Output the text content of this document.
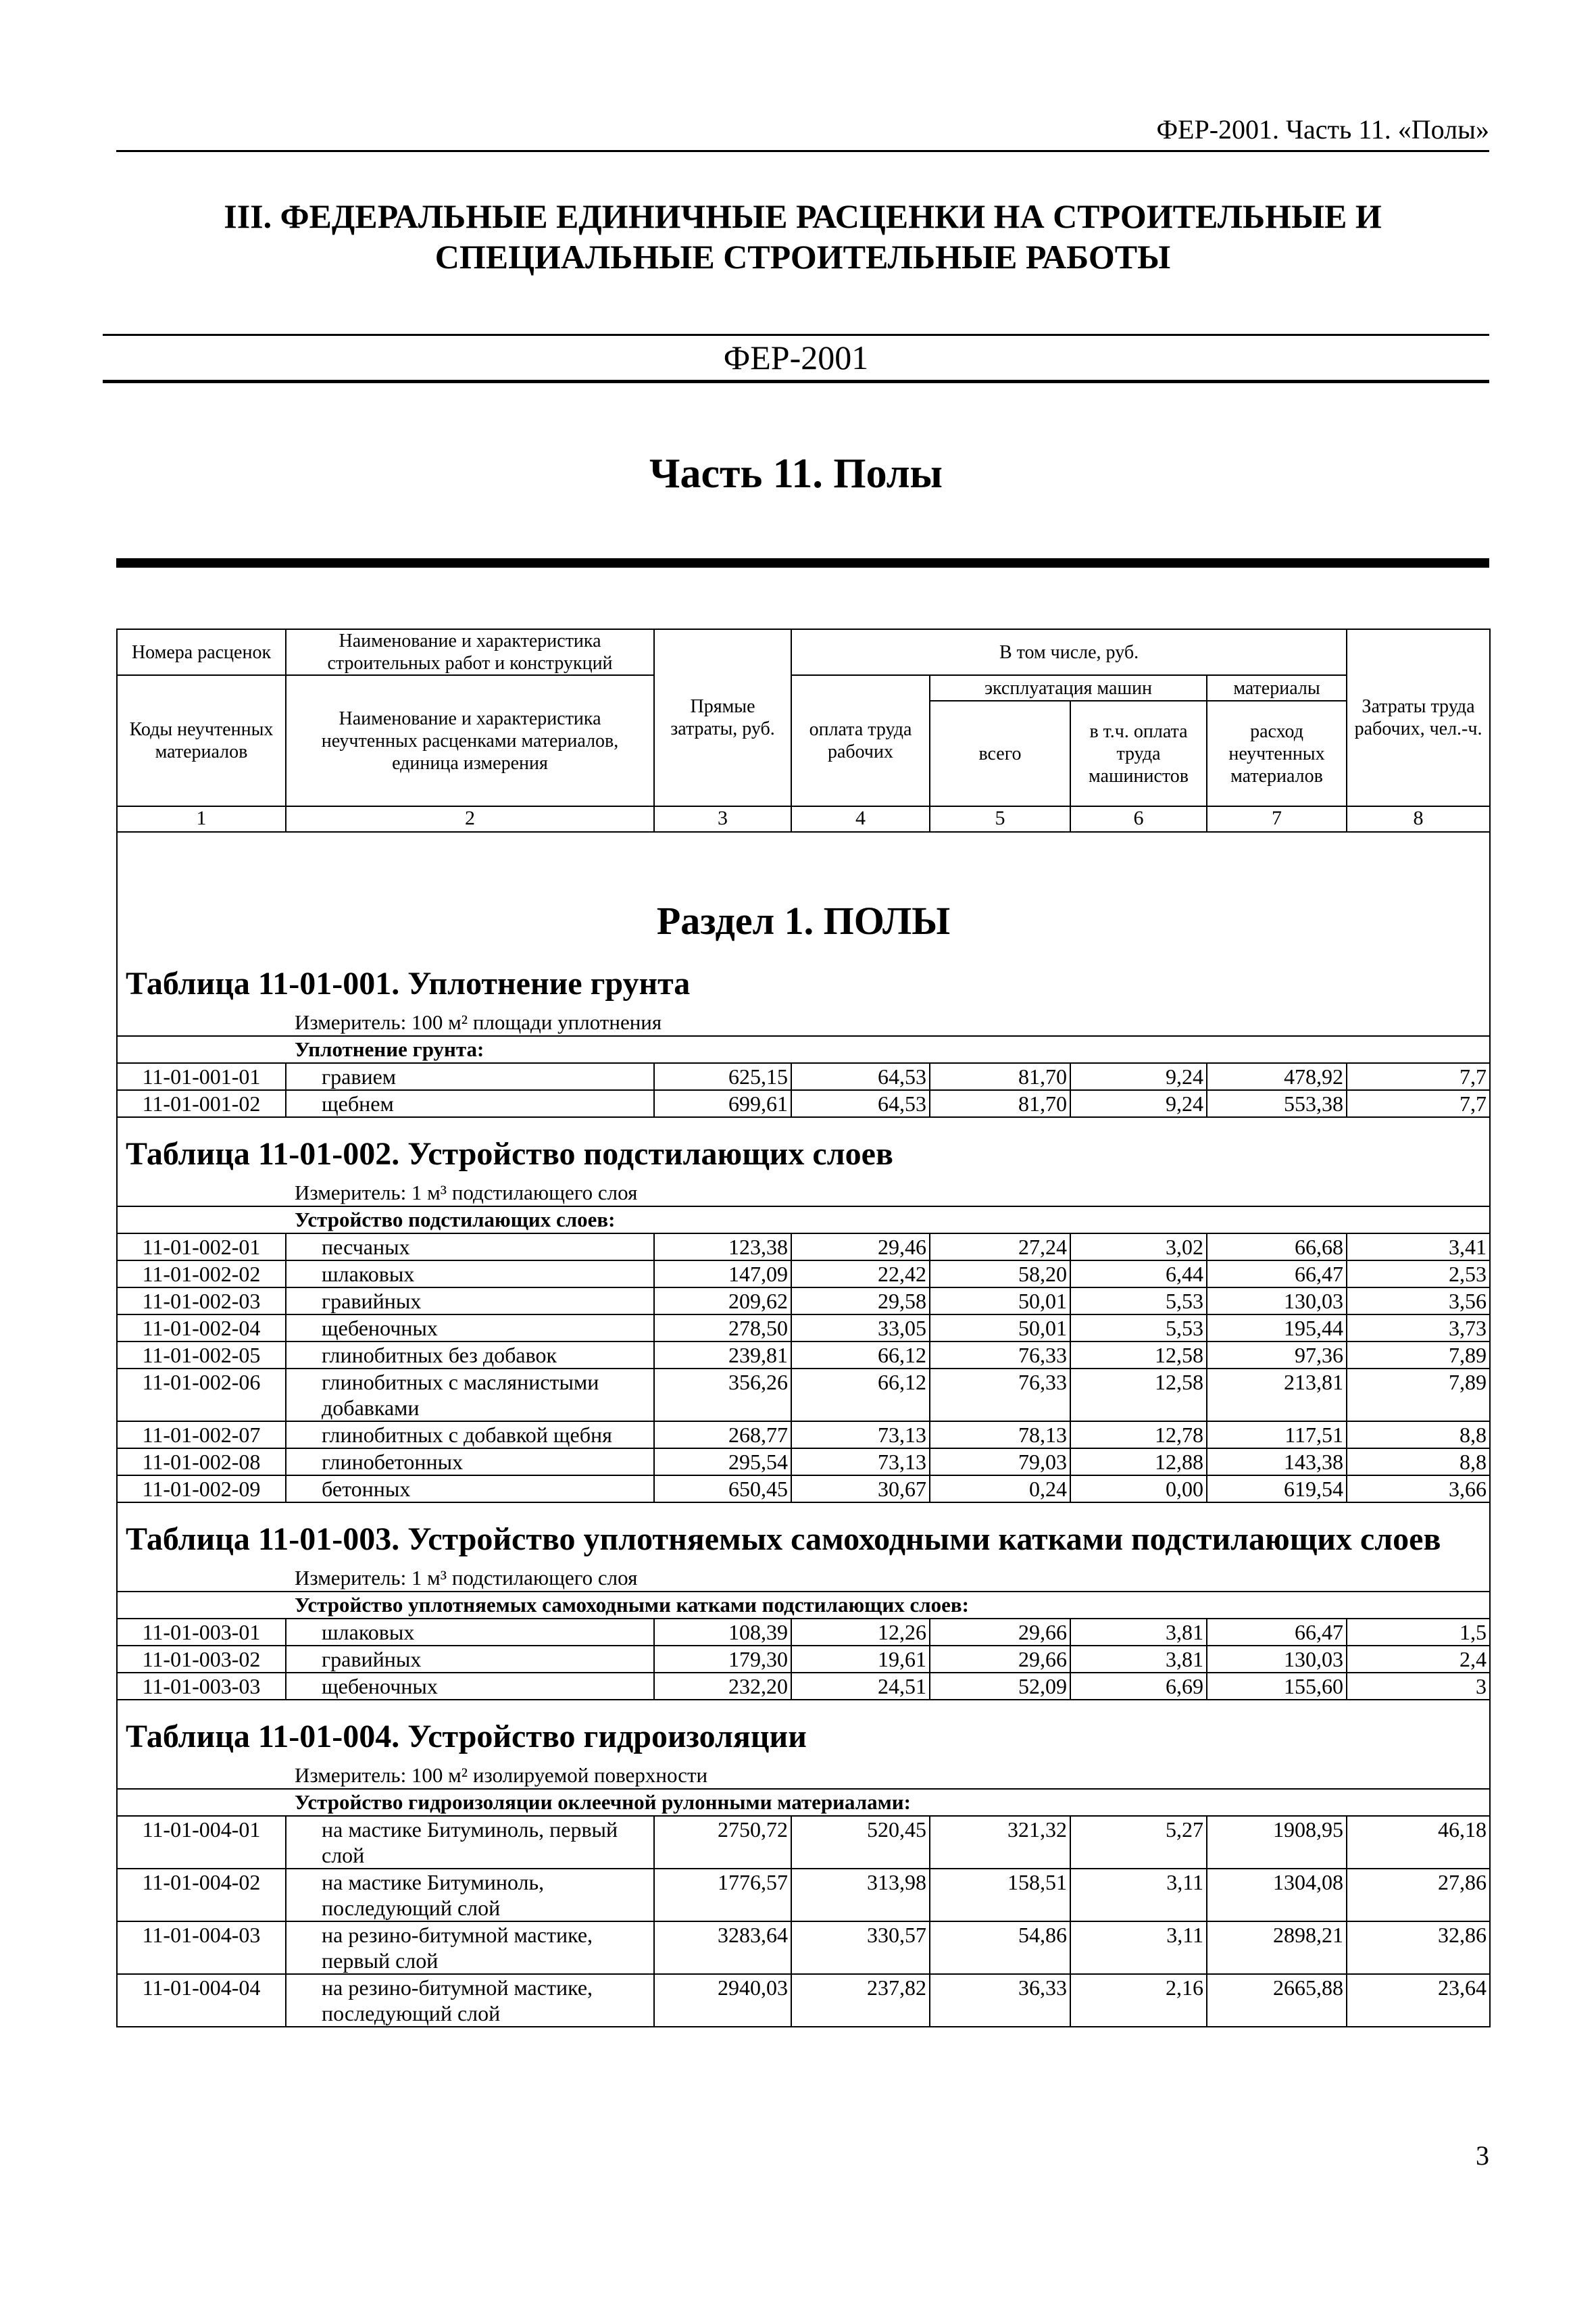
ФЕР-2001. Часть 11. «Полы»
III. ФЕДЕРАЛЬНЫЕ ЕДИНИЧНЫЕ РАСЦЕНКИ НА СТРОИТЕЛЬНЫЕ И
СПЕЦИАЛЬНЫЕ СТРОИТЕЛЬНЫЕ РАБОТЫ
ФЕР-2001
Часть 11. Полы
Номера расценок	Наименование и характеристика строительных работ и конструкций	Прямые затраты, руб.	В том числе, руб.				Затраты труда рабочих, чел.-ч.
Коды неучтенных материалов	Наименование и характеристика неучтенных расценками материалов, единица измерения		оплата труда рабочих	эксплуатация машин		материалы	
				всего	в т.ч. оплата труда машинистов	расход неучтенных материалов	
1	2	3	4	5	6	7	8
Раздел 1. ПОЛЫ							
Таблица 11-01-001. Уплотнение грунта							
Измеритель: 100 м² площади уплотнения							
Уплотнение грунта:							
11-01-001-01	гравием	625,15	64,53	81,70	9,24	478,92	7,7
11-01-001-02	щебнем	699,61	64,53	81,70	9,24	553,38	7,7
Таблица 11-01-002. Устройство подстилающих слоев							
Измеритель: 1 м³ подстилающего слоя							
Устройство подстилающих слоев:							
11-01-002-01	песчаных	123,38	29,46	27,24	3,02	66,68	3,41
11-01-002-02	шлаковых	147,09	22,42	58,20	6,44	66,47	2,53
11-01-002-03	гравийных	209,62	29,58	50,01	5,53	130,03	3,56
11-01-002-04	щебеночных	278,50	33,05	50,01	5,53	195,44	3,73
11-01-002-05	глинобитных без добавок	239,81	66,12	76,33	12,58	97,36	7,89
11-01-002-06	глинобитных с маслянистыми добавками	356,26	66,12	76,33	12,58	213,81	7,89
11-01-002-07	глинобитных с добавкой щебня	268,77	73,13	78,13	12,78	117,51	8,8
11-01-002-08	глинобетонных	295,54	73,13	79,03	12,88	143,38	8,8
11-01-002-09	бетонных	650,45	30,67	0,24	0,00	619,54	3,66
Таблица 11-01-003. Устройство уплотняемых самоходными катками подстилающих слоев							
Измеритель: 1 м³ подстилающего слоя							
Устройство уплотняемых самоходными катками подстилающих слоев:							
11-01-003-01	шлаковых	108,39	12,26	29,66	3,81	66,47	1,5
11-01-003-02	гравийных	179,30	19,61	29,66	3,81	130,03	2,4
11-01-003-03	щебеночных	232,20	24,51	52,09	6,69	155,60	3
Таблица 11-01-004. Устройство гидроизоляции							
Измеритель: 100 м² изолируемой поверхности							
Устройство гидроизоляции оклеечной рулонными материалами:							
11-01-004-01	на мастике Битуминоль, первый слой	2750,72	520,45	321,32	5,27	1908,95	46,18
11-01-004-02	на мастике Битуминоль, последующий слой	1776,57	313,98	158,51	3,11	1304,08	27,86
11-01-004-03	на резино-битумной мастике, первый слой	3283,64	330,57	54,86	3,11	2898,21	32,86
11-01-004-04	на резино-битумной мастике, последующий слой	2940,03	237,82	36,33	2,16	2665,88	23,64
3
